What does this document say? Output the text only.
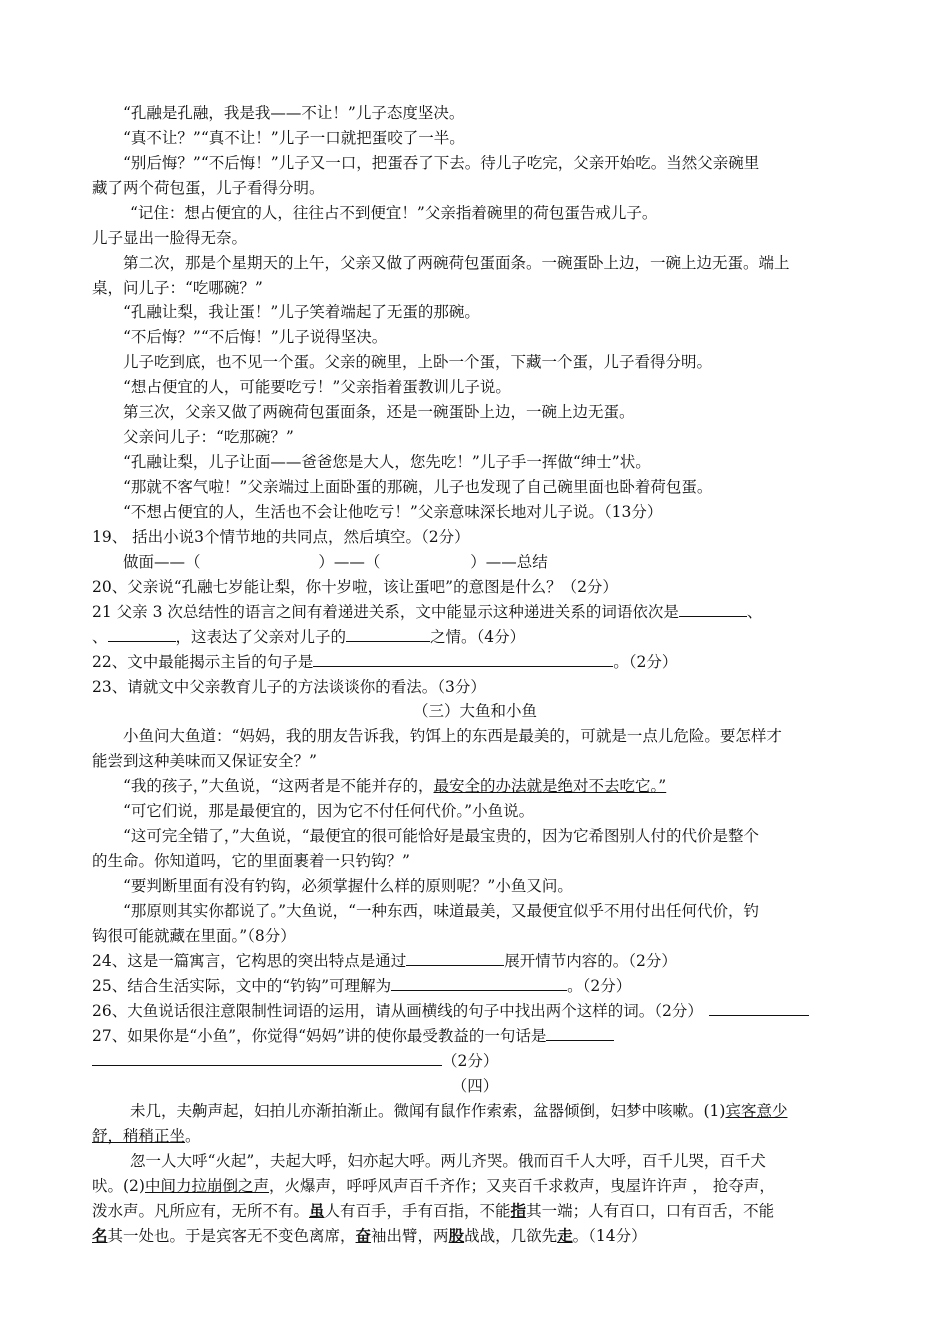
“孔融是孔融，我是我——不让！”儿子态度坚决。
“真不让？”“真不让！”儿子一口就把蛋咬了一半。
“别后悔？”“不后悔！”儿子又一口，把蛋吞了下去。待儿子吃完，父亲开始吃。当然父亲碗里
藏了两个荷包蛋，儿子看得分明。
“记住：想占便宜的人，往往占不到便宜！”父亲指着碗里的荷包蛋告戒儿子。
儿子显出一脸得无奈。
第二次，那是个星期天的上午，父亲又做了两碗荷包蛋面条。一碗蛋卧上边，一碗上边无蛋。端上
桌，问儿子：“吃哪碗？”
“孔融让梨，我让蛋！”儿子笑着端起了无蛋的那碗。
“不后悔？”“不后悔！”儿子说得坚决。
儿子吃到底，也不见一个蛋。父亲的碗里，上卧一个蛋，下藏一个蛋，儿子看得分明。
“想占便宜的人，可能要吃亏！”父亲指着蛋教训儿子说。
第三次，父亲又做了两碗荷包蛋面条，还是一碗蛋卧上边，一碗上边无蛋。
父亲问儿子：“吃那碗？”
“孔融让梨，儿子让面——爸爸您是大人，您先吃！”儿子手一挥做“绅士”状。
“那就不客气啦！”父亲端过上面卧蛋的那碗，儿子也发现了自己碗里面也卧着荷包蛋。
“不想占便宜的人，生活也不会让他吃亏！”父亲意味深长地对儿子说。（13分）
19、 括出小说3个情节地的共同点，然后填空。（2分）
做面——（	）——（	）——总结
20、父亲说“孔融七岁能让梨，你十岁啦，该让蛋吧”的意图是什么？（2分）
21 父亲 3 次总结性的语言之间有着递进关系，文中能显示这种递进关系的词语依次是	、
、	，这表达了父亲对儿子的	之情。（4分）
22、文中最能揭示主旨的句子是	。（2分）
23、请就文中父亲教育儿子的方法谈谈你的看法。（3分）
（三）大鱼和小鱼
小鱼问大鱼道：“妈妈，我的朋友告诉我，钓饵上的东西是最美的，可就是一点儿危险。要怎样才
能尝到这种美味而又保证安全？”
“我的孩子，”大鱼说，“这两者是不能并存的，最安全的办法就是绝对不去吃它。”
“可它们说，那是最便宜的，因为它不付任何代价。”小鱼说。
“这可完全错了，”大鱼说，“最便宜的很可能恰好是最宝贵的，因为它希图别人付的代价是整个
的生命。你知道吗，它的里面裹着一只钓钩？”
“要判断里面有没有钓钩，必须掌握什么样的原则呢？”小鱼又问。
“那原则其实你都说了。”大鱼说，“一种东西，味道最美，又最便宜似乎不用付出任何代价，钓
钩很可能就藏在里面。”（8分）
24、这是一篇寓言，它构思的突出特点是通过	展开情节内容的。（2分）
25、结合生活实际，文中的“钓钩”可理解为	。（2分）
26、大鱼说话很注意限制性词语的运用，请从画横线的句子中找出两个这样的词。（2分）
27、如果你是“小鱼”，你觉得“妈妈”讲的使你最受教益的一句话是
（2分）
（四）
未几，夫齁声起，妇拍儿亦渐拍渐止。微闻有鼠作作索索，盆器倾倒，妇梦中咳嗽。(1)宾客意少
舒，稍稍正坐。
忽一人大呼“火起”，夫起大呼，妇亦起大呼。两儿齐哭。俄而百千人大呼，百千儿哭，百千犬
吠。(2)中间力拉崩倒之声，火爆声，呼呼风声百千齐作；又夹百千求救声，曳屋许许声 ， 抢夺声，
泼水声。凡所应有，无所不有。虽人有百手，手有百指，不能指其一端；人有百口，口有百舌，不能
名其一处也。于是宾客无不变色离席，奋袖出臂，两股战战，几欲先走。（14分）
